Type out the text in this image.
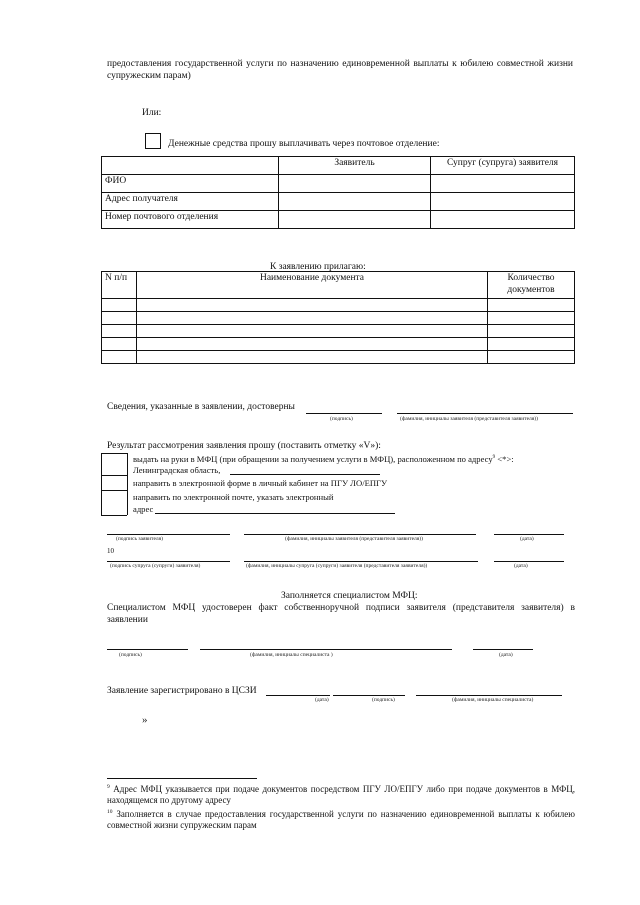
предоставления государственной услуги по назначению единовременной выплаты к юбилею совместной жизни супружеским парам)
Или:
Денежные средства прошу выплачивать через почтовое отделение:
	Заявитель	Супруг (супруга) заявителя
ФИО		
Адрес получателя		
Номер почтового отделения		
К заявлению прилагаю:
N п/п	Наименование документа	Количество документов

Сведения, указанные в заявлении, достоверны
(подпись)	(фамилия, инициалы заявителя (представителя заявителя))
Результат рассмотрения заявления прошу (поставить отметку «V»):
выдать на руки в МФЦ (при обращении за получением услуги в МФЦ), расположенном по адресу$^9$ <*>:
Ленинградская область,
направить в электронной форме в личный кабинет на ПГУ ЛО/ЕПГУ
направить по электронной почте, указать электронный
адрес
(подпись заявителя)	(фамилия, инициалы заявителя (представителя заявителя))	(дата)
10
(подпись супруга (супруги) заявителя)	(фамилия, инициалы супруга (супруги) заявителя (представителя заявителя))	(дата)
Заполняется специалистом МФЦ:
Специалистом МФЦ удостоверен факт собственноручной подписи заявителя (представителя заявителя) в заявлении
(подпись)	(фамилия, инициалы специалиста )	(дата)
Заявление зарегистрировано в ЦСЗИ
(дата)	(подпись)	(фамилия, инициалы специалиста)
»
$^9$ Адрес МФЦ указывается при подаче документов посредством ПГУ ЛО/ЕПГУ либо при подаче документов в МФЦ, находящемся по другому адресу
$^{10}$ Заполняется в случае предоставления государственной услуги по назначению единовременной выплаты к юбилею совместной жизни супружеским парам
